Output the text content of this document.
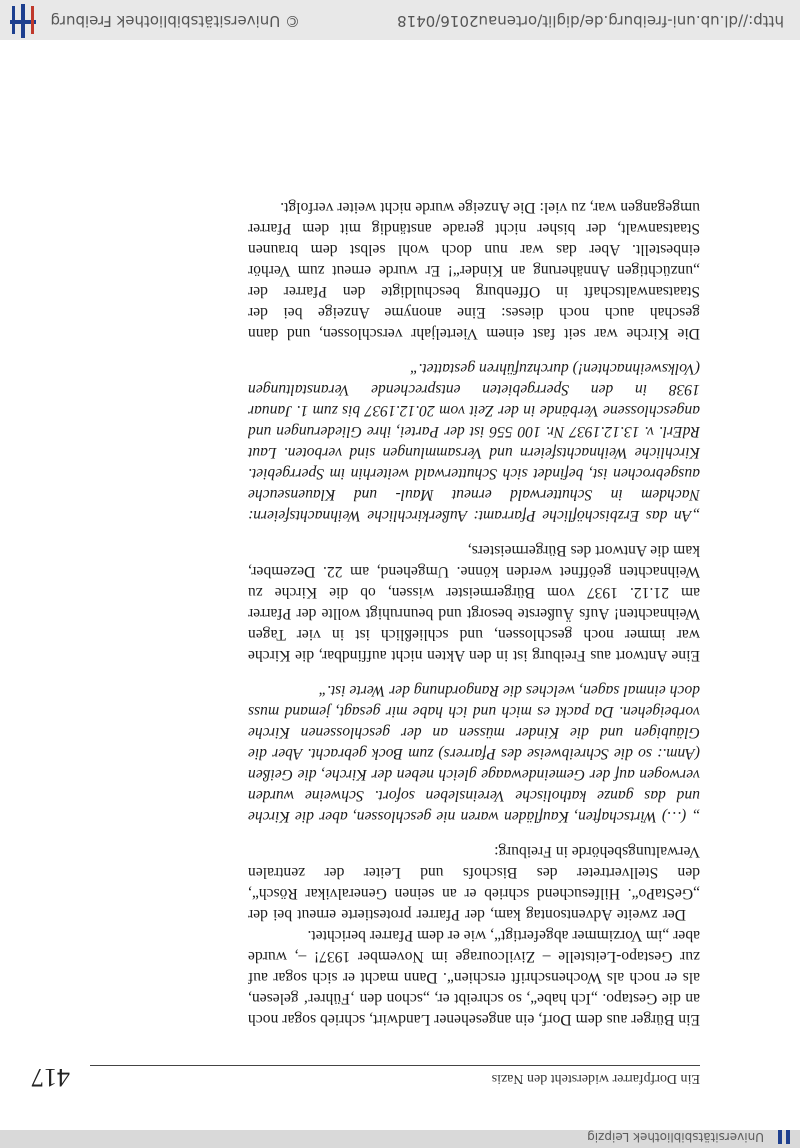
Universitätsbibliothek Leipzig
Ein Dorfpfarrer widersteht den Nazis
417

Ein Bürger aus dem Dorf, ein angesehener Landwirt, schrieb sogar noch an die Gestapo. „Ich habe“, so schreibt er, „schon den ‚Führer‘ gelesen, als er noch als Wochenschrift erschien“. Dann macht er sich sogar auf zur Gestapo-Leitstelle – Zivilcourage im November 1937! –, wurde aber „im Vorzimmer abgefertigt“, wie er dem Pfarrer berichtet.

Der zweite Adventsontag kam, der Pfarrer protestierte erneut bei der „GeStaPo“. Hilfesuchend schrieb er an seinen Generalvikar Rösch“, den Stellvertreter des Bischofs und Leiter der zentralen Verwaltungsbehörde in Freiburg:

„ (…) Wirtschaften, Kaufläden waren nie geschlossen, aber die Kirche und das ganze katholische Vereinsleben sofort. Schweine wurden verwogen auf der Gemeindewaage gleich neben der Kirche, die Geißen (Anm.: so die Schreibweise des Pfarrers) zum Bock gebracht. Aber die Gläubigen und die Kinder müssen an der geschlossenen Kirche vorbeigehen. Da packt es mich und ich habe mir gesagt, jemand muss doch einmal sagen, welches die Rangordnung der Werte ist.“

Eine Antwort aus Freiburg ist in den Akten nicht auffindbar, die Kirche war immer noch geschlossen, und schließlich ist in vier Tagen Weihnachten! Aufs Äußerste besorgt und beunruhigt wollte der Pfarrer am 21.12. 1937 vom Bürgermeister wissen, ob die Kirche zu Weihnachten geöffnet werden könne. Umgehend, am 22. Dezember, kam die Antwort des Bürgermeisters,

„An das Erzbischöfliche Pfarramt: Außerkirchliche Weihnachtsfeiern: Nachdem in Schutterwald erneut Maul- und Klauenseuche ausgebrochen ist, befindet sich Schutterwald weiterhin im Sperrgebiet. Kirchliche Weihnachtsfeiern und Versammlungen sind verboten. Laut RdErl. v. 13.12.1937 Nr. 100 556 ist der Partei, ihre Gliederungen und angeschlossene Verbände in der Zeit vom 20.12.1937 bis zum 1. Januar 1938 in den Sperrgebieten entsprechende Veranstaltungen (Volksweihnachten!) durchzuführen gestattet.“

Die Kirche war seit fast einem Vierteljahr verschlossen, und dann geschah auch noch dieses: Eine anonyme Anzeige bei der Staatsanwaltschaft in Offenburg beschuldigte den Pfarrer der „unzüchtigen Annäherung an Kinder“! Er wurde erneut zum Verhör einbestellt. Aber das war nun doch wohl selbst dem braunen Staatsanwalt, der bisher nicht gerade anständig mit dem Pfarrer umgegangen war, zu viel: Die Anzeige wurde nicht weiter verfolgt.

http://dl.ub.uni-freiburg.de/diglit/ortenau2016/0418
© Universitätsbibliothek Freiburg
